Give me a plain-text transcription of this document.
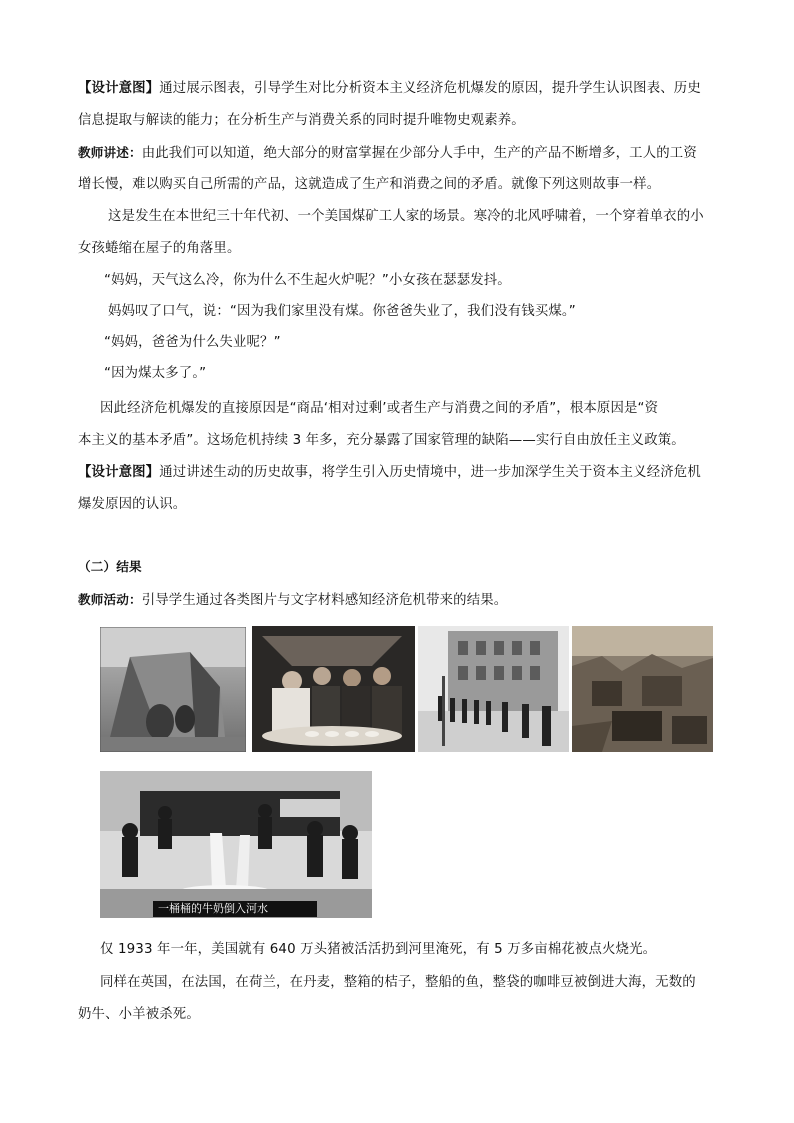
【设计意图】通过展示图表，引导学生对比分析资本主义经济危机爆发的原因，提升学生认识图表、历史
信息提取与解读的能力；在分析生产与消费关系的同时提升唯物史观素养。
教师讲述：由此我们可以知道，绝大部分的财富掌握在少部分人手中，生产的产品不断增多，工人的工资
增长慢，难以购买自己所需的产品，这就造成了生产和消费之间的矛盾。就像下列这则故事一样。
这是发生在本世纪三十年代初、一个美国煤矿工人家的场景。寒冷的北风呼啸着，一个穿着单衣的小
女孩蜷缩在屋子的角落里。
“妈妈，天气这么冷，你为什么不生起火炉呢？”小女孩在瑟瑟发抖。
妈妈叹了口气，说：“因为我们家里没有煤。你爸爸失业了，我们没有钱买煤。”
“妈妈，爸爸为什么失业呢？”
“因为煤太多了。”
因此经济危机爆发的直接原因是“商品‘相对过剩’或者生产与消费之间的矛盾”，根本原因是“资
本主义的基本矛盾”。这场危机持续 3 年多，充分暴露了国家管理的缺陷——实行自由放任主义政策。
【设计意图】通过讲述生动的历史故事，将学生引入历史情境中，进一步加深学生关于资本主义经济危机
爆发原因的认识。
（二）结果
教师活动：引导学生通过各类图片与文字材料感知经济危机带来的结果。
一桶桶的牛奶倒入河水
仅 1933 年一年，美国就有 640 万头猪被活活扔到河里淹死，有 5 万多亩棉花被点火烧光。
同样在英国，在法国，在荷兰，在丹麦，整箱的桔子，整船的鱼，整袋的咖啡豆被倒进大海，无数的
奶牛、小羊被杀死。
